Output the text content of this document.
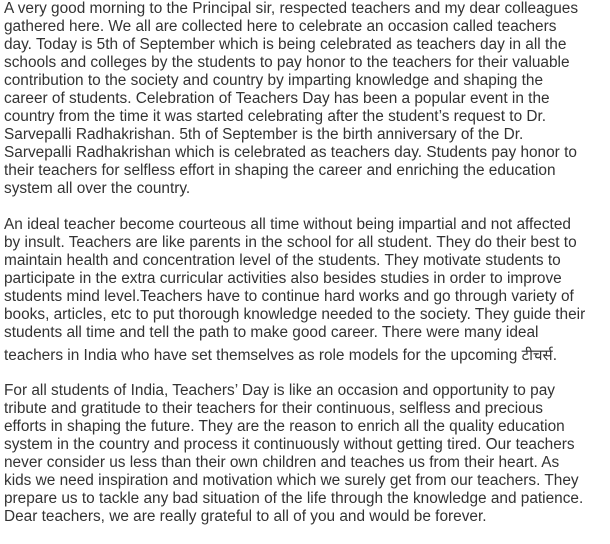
A very good morning to the Principal sir, respected teachers and my dear colleagues
gathered here. We all are collected here to celebrate an occasion called teachers
day. Today is 5th of September which is being celebrated as teachers day in all the
schools and colleges by the students to pay honor to the teachers for their valuable
contribution to the society and country by imparting knowledge and shaping the
career of students. Celebration of Teachers Day has been a popular event in the
country from the time it was started celebrating after the student’s request to Dr.
Sarvepalli Radhakrishan. 5th of September is the birth anniversary of the Dr.
Sarvepalli Radhakrishan which is celebrated as teachers day. Students pay honor to
their teachers for selfless effort in shaping the career and enriching the education
system all over the country.
An ideal teacher become courteous all time without being impartial and not affected
by insult. Teachers are like parents in the school for all student. They do their best to
maintain health and concentration level of the students. They motivate students to
participate in the extra curricular activities also besides studies in order to improve
students mind level.Teachers have to continue hard works and go through variety of
books, articles, etc to put thorough knowledge needed to the society. They guide their
students all time and tell the path to make good career. There were many ideal
teachers in India who have set themselves as role models for the upcoming टीचर्स.
For all students of India, Teachers’ Day is like an occasion and opportunity to pay
tribute and gratitude to their teachers for their continuous, selfless and precious
efforts in shaping the future. They are the reason to enrich all the quality education
system in the country and process it continuously without getting tired. Our teachers
never consider us less than their own children and teaches us from their heart. As
kids we need inspiration and motivation which we surely get from our teachers. They
prepare us to tackle any bad situation of the life through the knowledge and patience.
Dear teachers, we are really grateful to all of you and would be forever.
